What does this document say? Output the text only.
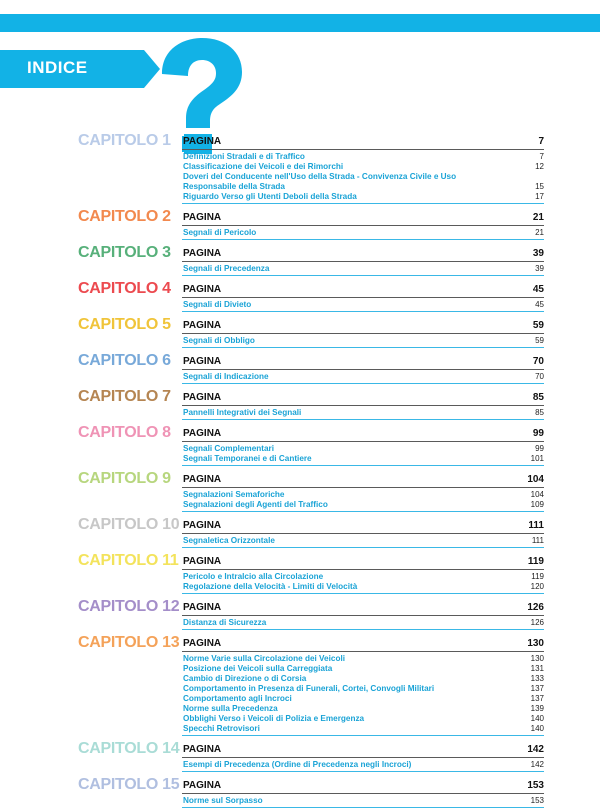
INDICE
CAPITOLO 1 PAGINA	7
Definizioni Stradali e di Traffico	7
Classificazione dei Veicoli e dei Rimorchi	12
Doveri del Conducente nell'Uso della Strada - Convivenza Civile e Uso
Responsabile della Strada	15
Riguardo Verso gli Utenti Deboli della Strada	17
CAPITOLO 2 PAGINA	21
Segnali di Pericolo	21
CAPITOLO 3 PAGINA	39
Segnali di Precedenza	39
CAPITOLO 4 PAGINA	45
Segnali di Divieto	45
CAPITOLO 5 PAGINA	59
Segnali di Obbligo	59
CAPITOLO 6 PAGINA	70
Segnali di Indicazione	70
CAPITOLO 7 PAGINA	85
Pannelli Integrativi dei Segnali	85
CAPITOLO 8 PAGINA	99
Segnali Complementari	99
Segnali Temporanei e di Cantiere	101
CAPITOLO 9 PAGINA	104
Segnalazioni Semaforiche	104
Segnalazioni degli Agenti del Traffico	109
CAPITOLO 10 PAGINA	111
Segnaletica Orizzontale	111
CAPITOLO 11 PAGINA	119
Pericolo e Intralcio alla Circolazione	119
Regolazione della Velocità - Limiti di Velocità	120
CAPITOLO 12 PAGINA	126
Distanza di Sicurezza	126
CAPITOLO 13 PAGINA	130
Norme Varie sulla Circolazione dei Veicoli	130
Posizione dei Veicoli sulla Carreggiata	131
Cambio di Direzione o di Corsia	133
Comportamento in Presenza di Funerali, Cortei, Convogli Militari	137
Comportamento agli Incroci	137
Norme sulla Precedenza	139
Obblighi Verso i Veicoli di Polizia e Emergenza	140
Specchi Retrovisori	140
CAPITOLO 14 PAGINA	142
Esempi di Precedenza (Ordine di Precedenza negli Incroci)	142
CAPITOLO 15 PAGINA	153
Norme sul Sorpasso	153
